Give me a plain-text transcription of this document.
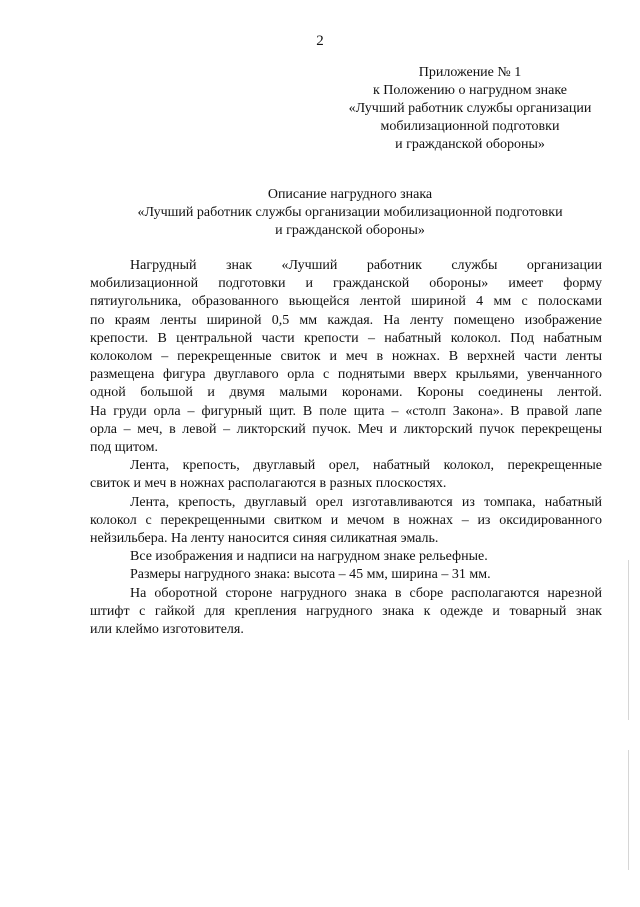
2
Приложение № 1
к Положению о нагрудном знаке
«Лучший работник службы организации
мобилизационной подготовки
и гражданской обороны»
Описание нагрудного знака
«Лучший работник службы организации мобилизационной подготовки
и гражданской обороны»
Нагрудный знак «Лучший работник службы организации
мобилизационной подготовки и гражданской обороны» имеет форму
пятиугольника, образованного вьющейся лентой шириной 4 мм с полосками
по краям ленты шириной 0,5 мм каждая. На ленту помещено изображение
крепости. В центральной части крепости – набатный колокол. Под набатным
колоколом – перекрещенные свиток и меч в ножнах. В верхней части ленты
размещена фигура двуглавого орла с поднятыми вверх крыльями, увенчанного
одной большой и двумя малыми коронами. Короны соединены лентой.
На груди орла – фигурный щит. В поле щита – «столп Закона». В правой лапе
орла – меч, в левой – ликторский пучок. Меч и ликторский пучок перекрещены
под щитом.
Лента, крепость, двуглавый орел, набатный колокол, перекрещенные
свиток и меч в ножнах располагаются в разных плоскостях.
Лента, крепость, двуглавый орел изготавливаются из томпака, набатный
колокол с перекрещенными свитком и мечом в ножнах – из оксидированного
нейзильбера. На ленту наносится синяя силикатная эмаль.
Все изображения и надписи на нагрудном знаке рельефные.
Размеры нагрудного знака: высота – 45 мм, ширина – 31 мм.
На оборотной стороне нагрудного знака в сборе располагаются нарезной
штифт с гайкой для крепления нагрудного знака к одежде и товарный знак
или клеймо изготовителя.
